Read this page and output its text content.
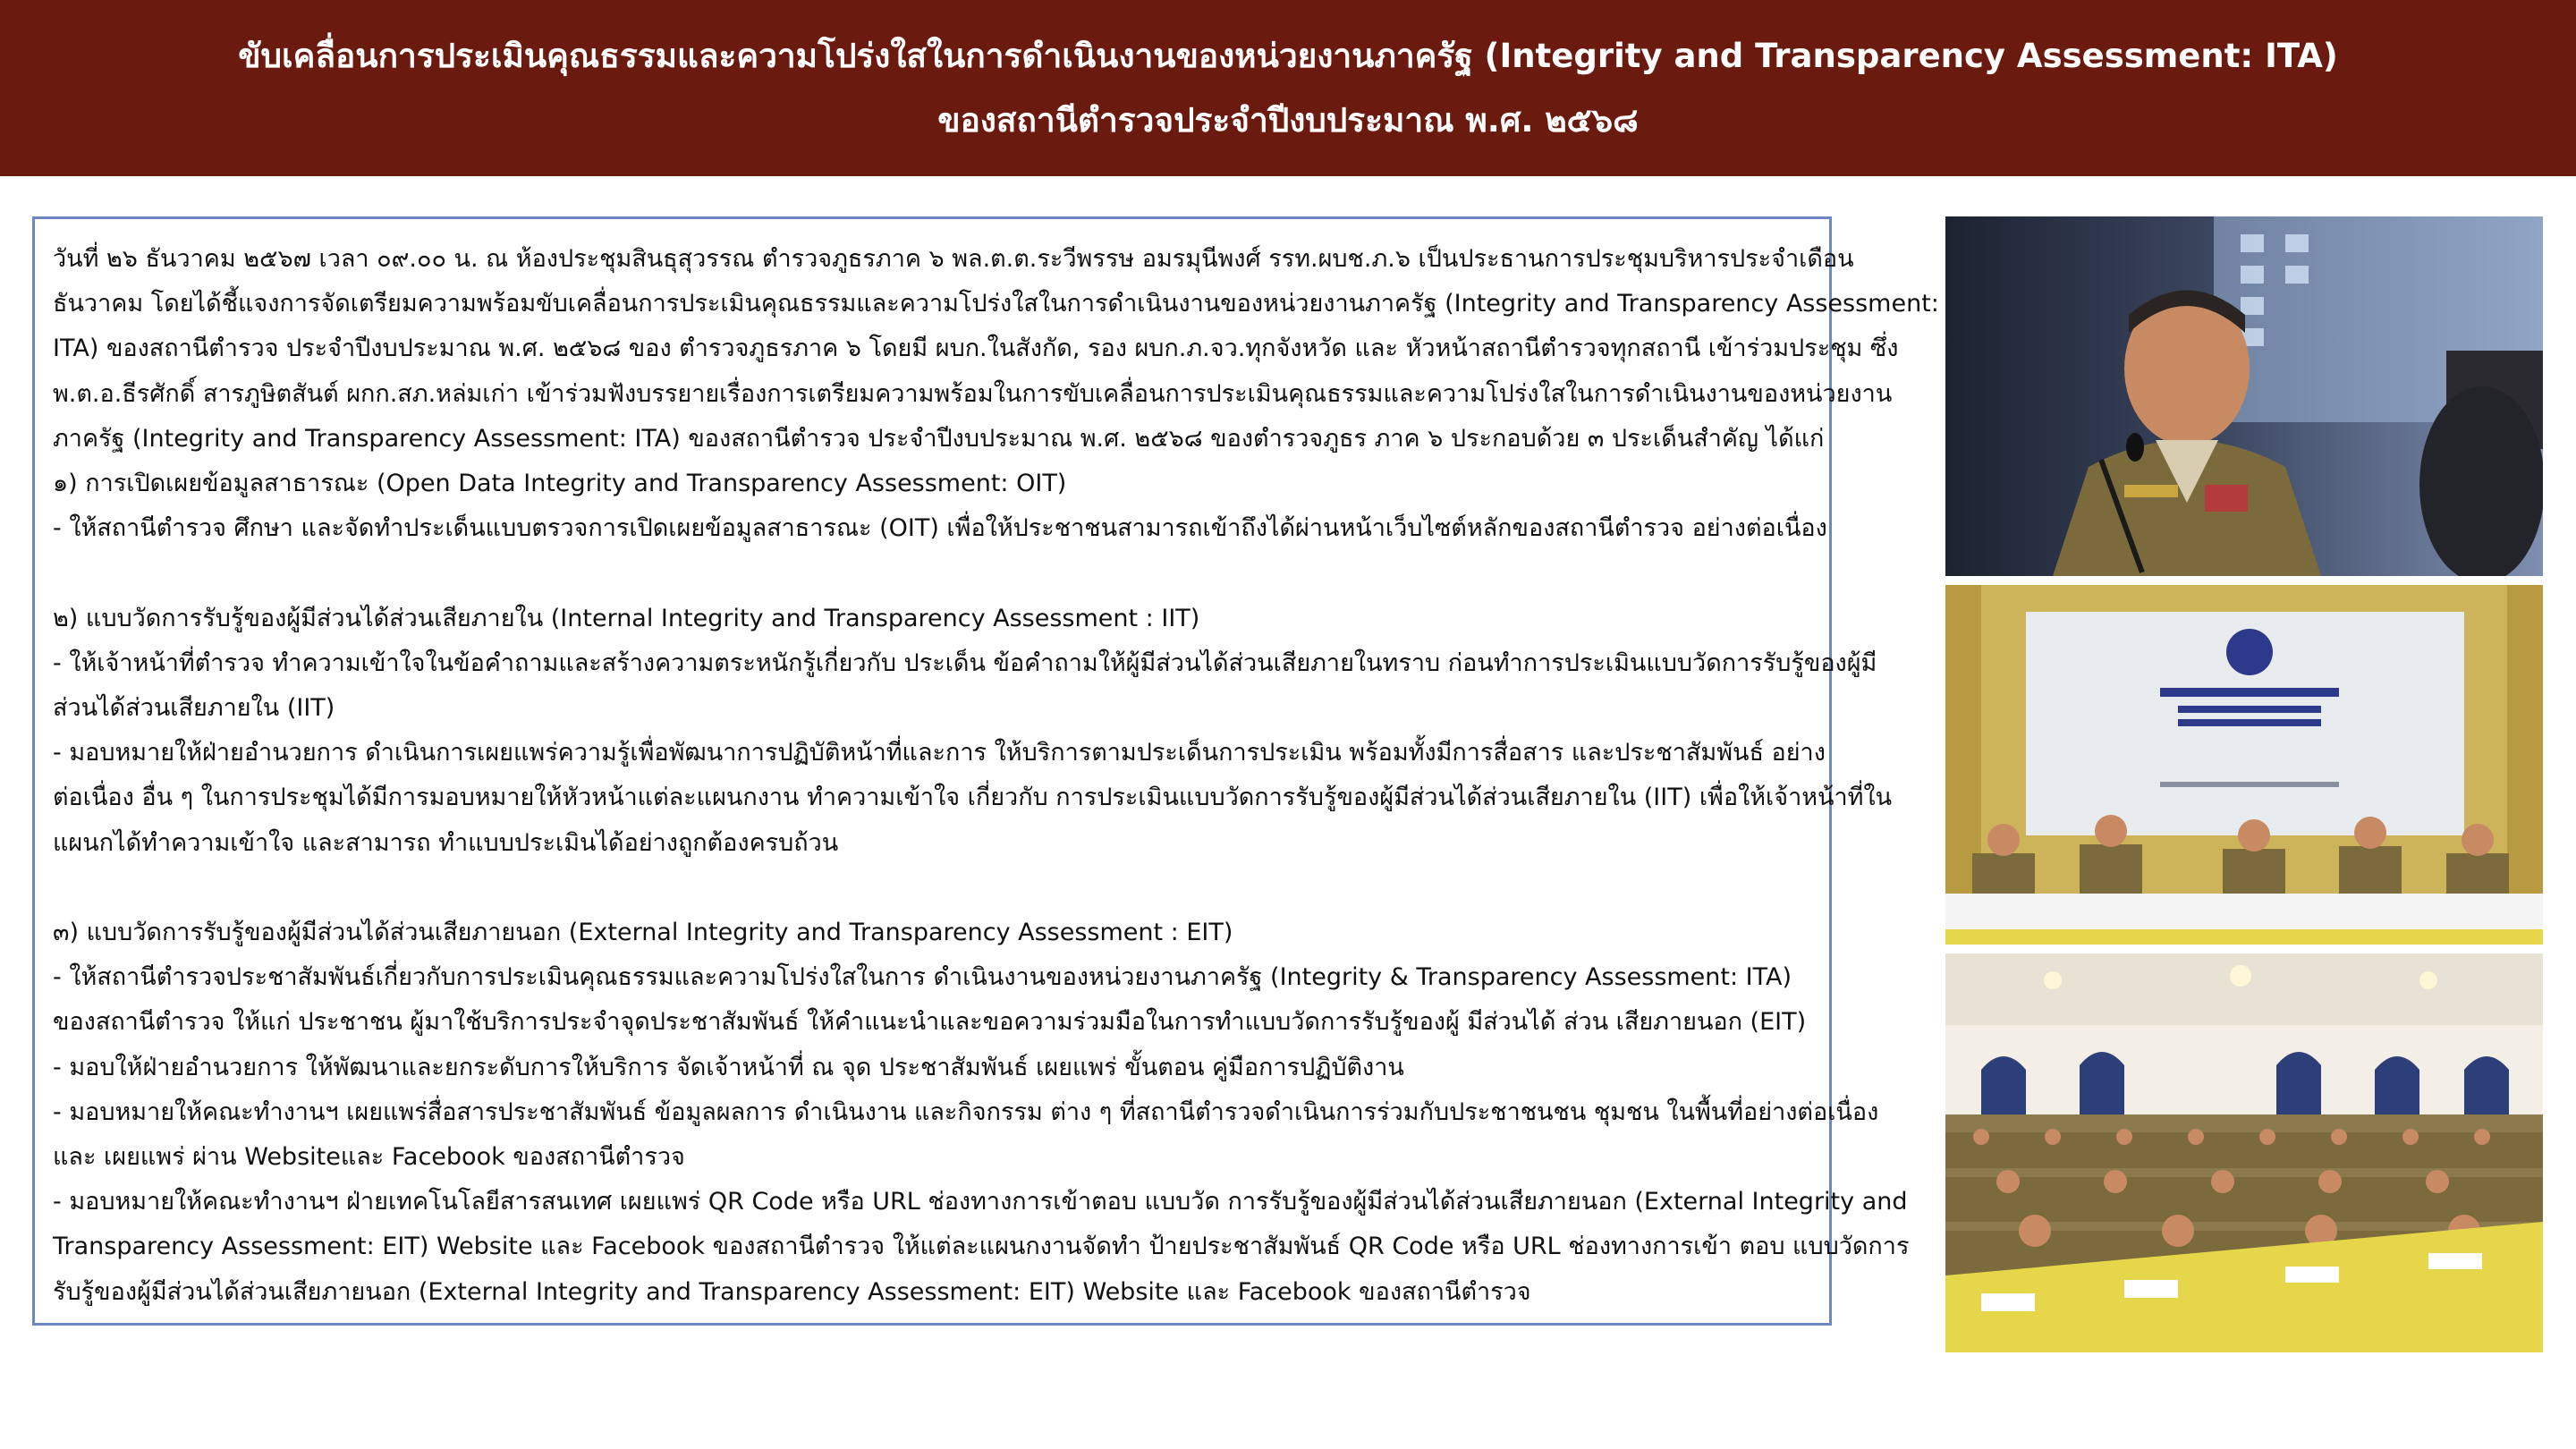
ขับเคลื่อนการประเมินคุณธรรมและความโปร่งใสในการดำเนินงานของหน่วยงานภาครัฐ (Integrity and Transparency Assessment: ITA)
ของสถานีตำรวจประจำปีงบประมาณ พ.ศ. ๒๕๖๘

วันที่ ๒๖ ธันวาคม ๒๕๖๗ เวลา ๐๙.๐๐ น. ณ ห้องประชุมสินธุสุวรรณ ตำรวจภูธรภาค ๖ พล.ต.ต.ระวีพรรษ อมรมุนีพงศ์ รรท.ผบช.ภ.๖ เป็นประธานการประชุมบริหารประจำเดือน

ธันวาคม โดยได้ชี้แจงการจัดเตรียมความพร้อมขับเคลื่อนการประเมินคุณธรรมและความโปร่งใสในการดำเนินงานของหน่วยงานภาครัฐ (Integrity and Transparency Assessment:

ITA) ของสถานีตำรวจ ประจำปีงบประมาณ พ.ศ. ๒๕๖๘ ของ ตำรวจภูธรภาค ๖ โดยมี ผบก.ในสังกัด, รอง ผบก.ภ.จว.ทุกจังหวัด และ หัวหน้าสถานีตำรวจทุกสถานี เข้าร่วมประชุม ซึ่ง

พ.ต.อ.ธีรศักดิ์ สารภูษิตสันต์ ผกก.สภ.หล่มเก่า เข้าร่วมฟังบรรยายเรื่องการเตรียมความพร้อมในการขับเคลื่อนการประเมินคุณธรรมและความโปร่งใสในการดำเนินงานของหน่วยงาน

ภาครัฐ (Integrity and Transparency Assessment: ITA) ของสถานีตำรวจ ประจำปีงบประมาณ พ.ศ. ๒๕๖๘ ของตำรวจภูธร ภาค ๖ ประกอบด้วย ๓ ประเด็นสำคัญ ได้แก่

๑) การเปิดเผยข้อมูลสาธารณะ (Open Data Integrity and Transparency Assessment: OIT)

- ให้สถานีตำรวจ ศึกษา และจัดทำประเด็นแบบตรวจการเปิดเผยข้อมูลสาธารณะ (OIT) เพื่อให้ประชาชนสามารถเข้าถึงได้ผ่านหน้าเว็บไซต์หลักของสถานีตำรวจ อย่างต่อเนื่อง

๒) แบบวัดการรับรู้ของผู้มีส่วนได้ส่วนเสียภายใน (Internal Integrity and Transparency Assessment : IIT)

- ให้เจ้าหน้าที่ตำรวจ ทำความเข้าใจในข้อคำถามและสร้างความตระหนักรู้เกี่ยวกับ ประเด็น ข้อคำถามให้ผู้มีส่วนได้ส่วนเสียภายในทราบ ก่อนทำการประเมินแบบวัดการรับรู้ของผู้มี

ส่วนได้ส่วนเสียภายใน (IIT)

- มอบหมายให้ฝ่ายอำนวยการ ดำเนินการเผยแพร่ความรู้เพื่อพัฒนาการปฏิบัติหน้าที่และการ ให้บริการตามประเด็นการประเมิน พร้อมทั้งมีการสื่อสาร และประชาสัมพันธ์ อย่าง

ต่อเนื่อง อื่น ๆ ในการประชุมได้มีการมอบหมายให้หัวหน้าแต่ละแผนกงาน ทำความเข้าใจ เกี่ยวกับ การประเมินแบบวัดการรับรู้ของผู้มีส่วนได้ส่วนเสียภายใน (IIT) เพื่อให้เจ้าหน้าที่ใน

แผนกได้ทำความเข้าใจ และสามารถ ทำแบบประเมินได้อย่างถูกต้องครบถ้วน

๓) แบบวัดการรับรู้ของผู้มีส่วนได้ส่วนเสียภายนอก (External Integrity and Transparency Assessment : EIT)

- ให้สถานีตำรวจประชาสัมพันธ์เกี่ยวกับการประเมินคุณธรรมและความโปร่งใสในการ ดำเนินงานของหน่วยงานภาครัฐ (Integrity & Transparency Assessment: ITA)

ของสถานีตำรวจ ให้แก่ ประชาชน ผู้มาใช้บริการประจำจุดประชาสัมพันธ์ ให้คำแนะนำและขอความร่วมมือในการทำแบบวัดการรับรู้ของผู้ มีส่วนได้ ส่วน เสียภายนอก (EIT)

- มอบให้ฝ่ายอำนวยการ ให้พัฒนาและยกระดับการให้บริการ จัดเจ้าหน้าที่ ณ จุด ประชาสัมพันธ์ เผยแพร่ ขั้นตอน คู่มือการปฏิบัติงาน

- มอบหมายให้คณะทำงานฯ เผยแพร่สื่อสารประชาสัมพันธ์ ข้อมูลผลการ ดำเนินงาน และกิจกรรม ต่าง ๆ ที่สถานีตำรวจดำเนินการร่วมกับประชาชนชน ชุมชน ในพื้นที่อย่างต่อเนื่อง

และ เผยแพร่ ผ่าน Websiteและ Facebook ของสถานีตำรวจ

- มอบหมายให้คณะทำงานฯ ฝ่ายเทคโนโลยีสารสนเทศ เผยแพร่ QR Code หรือ URL ช่องทางการเข้าตอบ แบบวัด การรับรู้ของผู้มีส่วนได้ส่วนเสียภายนอก (External Integrity and

Transparency Assessment: EIT) Website และ Facebook ของสถานีตำรวจ ให้แต่ละแผนกงานจัดทำ ป้ายประชาสัมพันธ์ QR Code หรือ URL ช่องทางการเข้า ตอบ แบบวัดการ

รับรู้ของผู้มีส่วนได้ส่วนเสียภายนอก (External Integrity and Transparency Assessment: EIT) Website และ Facebook ของสถานีตำรวจ
